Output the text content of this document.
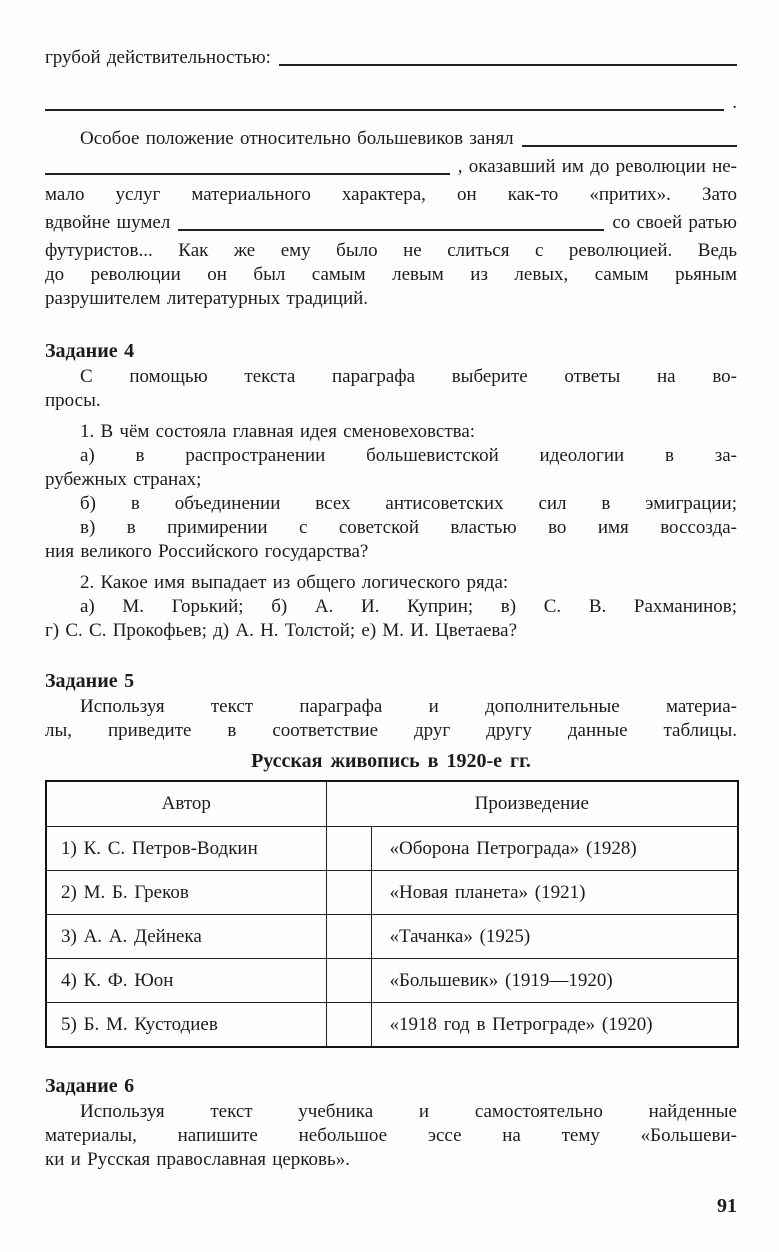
грубой действительностью:
.
Особое положение относительно большевиков занял
, оказавший им до революции не-
мало услуг материального характера, он как-то «притих». Зато
вдвойне шумел	со своей ратью
футуристов... Как же ему было не слиться с революцией. Ведь
до революции он был самым левым из левых, самым рьяным
разрушителем литературных традиций.
Задание 4
С помощью текста параграфа выберите ответы на во-
просы.
1. В чём состояла главная идея сменовеховства:
а) в распространении большевистской идеологии в за-
рубежных странах;
б) в объединении всех антисоветских сил в эмиграции;
в) в примирении с советской властью во имя воссозда-
ния великого Российского государства?
2. Какое имя выпадает из общего логического ряда:
а) М. Горький; б) А. И. Куприн; в) С. В. Рахманинов;
г) С. С. Прокофьев; д) А. Н. Толстой; е) М. И. Цветаева?
Задание 5
Используя текст параграфа и дополнительные материа-
лы, приведите в соответствие друг другу данные таблицы.
Русская живопись в 1920-е гг.
Автор	Произведение	
1) К. С. Петров-Водкин		«Оборона Петрограда» (1928)
2) М. Б. Греков		«Новая планета» (1921)
3) А. А. Дейнека		«Тачанка» (1925)
4) К. Ф. Юон		«Большевик» (1919—1920)
5) Б. М. Кустодиев		«1918 год в Петрограде» (1920)
Задание 6
Используя текст учебника и самостоятельно найденные
материалы, напишите небольшое эссе на тему «Большеви-
ки и Русская православная церковь».
91
